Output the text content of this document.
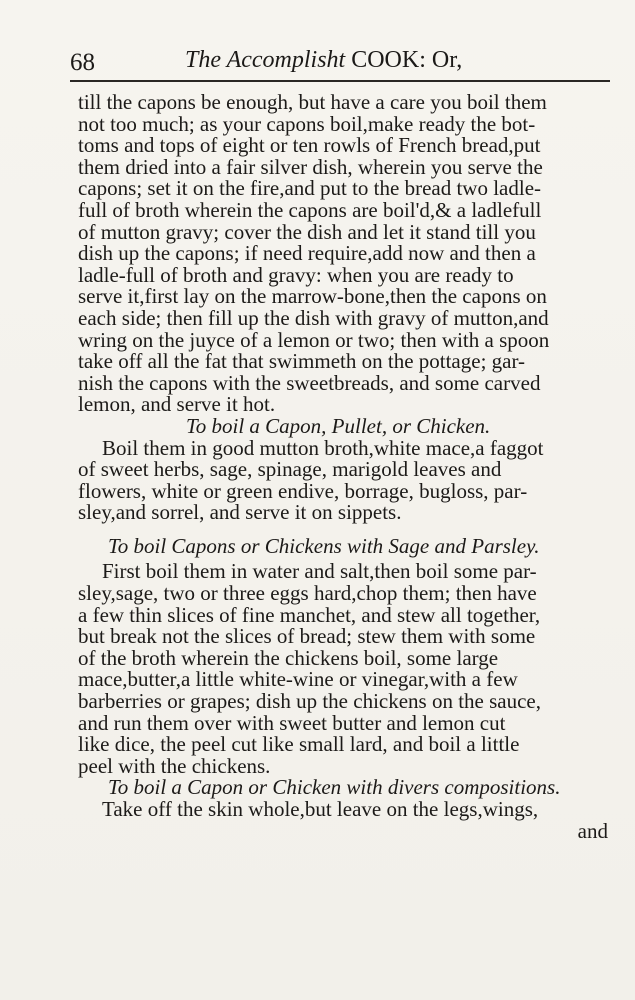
68	The Accomplisht COOK: Or,
till the capons be enough, but have a care you boil them
not too much; as your capons boil,make ready the bot-
toms and tops of eight or ten rowls of French bread,put
them dried into a fair silver dish, wherein you serve the
capons; set it on the fire,and put to the bread two ladle-
full of broth wherein the capons are boil'd,& a ladlefull
of mutton gravy; cover the dish and let it stand till you
dish up the capons; if need require,add now and then a
ladle-full of broth and gravy: when you are ready to
serve it,first lay on the marrow-bone,then the capons on
each side; then fill up the dish with gravy of mutton,and
wring on the juyce of a lemon or two; then with a spoon
take off all the fat that swimmeth on the pottage; gar-
nish the capons with the sweetbreads, and some carved
lemon, and serve it hot.
To boil a Capon, Pullet, or Chicken.
Boil them in good mutton broth,white mace,a faggot
of sweet herbs, sage, spinage, marigold leaves and
flowers, white or green endive, borrage, bugloss, par-
sley,and sorrel, and serve it on sippets.
To boil Capons or Chickens with Sage and Parsley.
First boil them in water and salt,then boil some par-
sley,sage, two or three eggs hard,chop them; then have
a few thin slices of fine manchet, and stew all together,
but break not the slices of bread; stew them with some
of the broth wherein the chickens boil, some large
mace,butter,a little white-wine or vinegar,with a few
barberries or grapes; dish up the chickens on the sauce,
and run them over with sweet butter and lemon cut
like dice, the peel cut like small lard, and boil a little
peel with the chickens.
To boil a Capon or Chicken with divers compositions.
Take off the skin whole,but leave on the legs,wings,
and
